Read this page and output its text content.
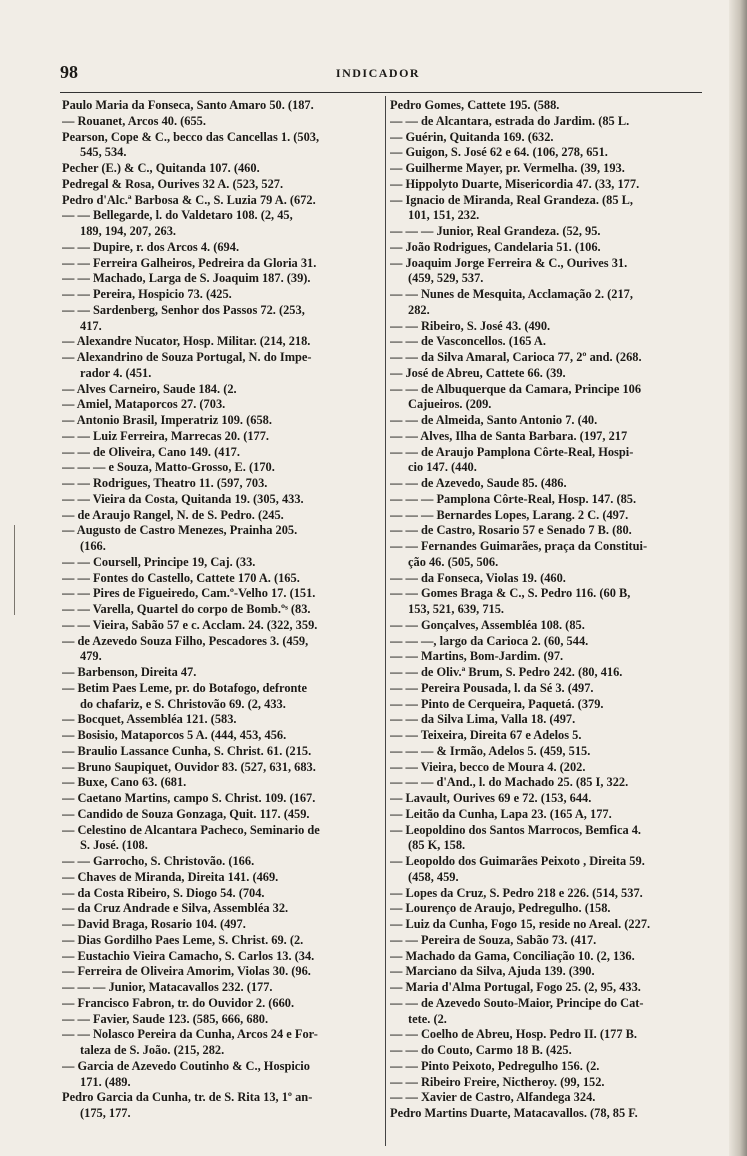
98	INDICADOR
Paulo Maria da Fonseca, Santo Amaro 50. (187.
— Rouanet, Arcos 40. (655.
Pearson, Cope & C., becco das Cancellas 1. (503,
545, 534.
Pecher (E.) & C., Quitanda 107. (460.
Pedregal & Rosa, Ourives 32 A. (523, 527.
Pedro d'Alc.ª Barbosa & C., S. Luzia 79 A. (672.
— — Bellegarde, l. do Valdetaro 108. (2, 45,
189, 194, 207, 263.
— — Dupire, r. dos Arcos 4. (694.
— — Ferreira Galheiros, Pedreira da Gloria 31.
— — Machado, Larga de S. Joaquim 187. (39).
— — Pereira, Hospicio 73. (425.
— — Sardenberg, Senhor dos Passos 72. (253,
417.
— Alexandre Nucator, Hosp. Militar. (214, 218.
— Alexandrino de Souza Portugal, N. do Impe-
rador 4. (451.
— Alves Carneiro, Saude 184. (2.
— Amiel, Mataporcos 27. (703.
— Antonio Brasil, Imperatriz 109. (658.
— — Luiz Ferreira, Marrecas 20. (177.
— — de Oliveira, Cano 149. (417.
— — — e Souza, Matto-Grosso, E. (170.
— — Rodrigues, Theatro 11. (597, 703.
— — Vieira da Costa, Quitanda 19. (305, 433.
— de Araujo Rangel, N. de S. Pedro. (245.
— Augusto de Castro Menezes, Prainha 205.
(166.
— — Coursell, Principe 19, Caj. (33.
— — Fontes do Castello, Cattete 170 A. (165.
— — Pires de Figueiredo, Cam.º-Velho 17. (151.
— — Varella, Quartel do corpo de Bomb.ºˢ (83.
— — Vieira, Sabão 57 e c. Acclam. 24. (322, 359.
— de Azevedo Souza Filho, Pescadores 3. (459,
479.
— Barbenson, Direita 47.
— Betim Paes Leme, pr. do Botafogo, defronte
do chafariz, e S. Christovão 69. (2, 433.
— Bocquet, Assembléa 121. (583.
— Bosisio, Mataporcos 5 A. (444, 453, 456.
— Braulio Lassance Cunha, S. Christ. 61. (215.
— Bruno Saupiquet, Ouvidor 83. (527, 631, 683.
— Buxe, Cano 63. (681.
— Caetano Martins, campo S. Christ. 109. (167.
— Candido de Souza Gonzaga, Quit. 117. (459.
— Celestino de Alcantara Pacheco, Seminario de
S. José. (108.
— — Garrocho, S. Christovão. (166.
— Chaves de Miranda, Direita 141. (469.
— da Costa Ribeiro, S. Diogo 54. (704.
— da Cruz Andrade e Silva, Assembléa 32.
— David Braga, Rosario 104. (497.
— Dias Gordilho Paes Leme, S. Christ. 69. (2.
— Eustachio Vieira Camacho, S. Carlos 13. (34.
— Ferreira de Oliveira Amorim, Violas 30. (96.
— — — Junior, Matacavallos 232. (177.
— Francisco Fabron, tr. do Ouvidor 2. (660.
— — Favier, Saude 123. (585, 666, 680.
— — Nolasco Pereira da Cunha, Arcos 24 e For-
taleza de S. João. (215, 282.
— Garcia de Azevedo Coutinho & C., Hospicio
171. (489.
Pedro Garcia da Cunha, tr. de S. Rita 13, 1º an-
(175, 177.
Pedro Gomes, Cattete 195. (588.
— — de Alcantara, estrada do Jardim. (85 L.
— Guérin, Quitanda 169. (632.
— Guigon, S. José 62 e 64. (106, 278, 651.
— Guilherme Mayer, pr. Vermelha. (39, 193.
— Hippolyto Duarte, Misericordia 47. (33, 177.
— Ignacio de Miranda, Real Grandeza. (85 L,
101, 151, 232.
— — — Junior, Real Grandeza. (52, 95.
— João Rodrigues, Candelaria 51. (106.
— Joaquim Jorge Ferreira & C., Ourives 31.
(459, 529, 537.
— — Nunes de Mesquita, Acclamação 2. (217,
282.
— — Ribeiro, S. José 43. (490.
— — de Vasconcellos. (165 A.
— — da Silva Amaral, Carioca 77, 2º and. (268.
— José de Abreu, Cattete 66. (39.
— — de Albuquerque da Camara, Principe 106
Cajueiros. (209.
— — de Almeida, Santo Antonio 7. (40.
— — Alves, Ilha de Santa Barbara. (197, 217
— — de Araujo Pamplona Côrte-Real, Hospi-
cio 147. (440.
— — de Azevedo, Saude 85. (486.
— — — Pamplona Côrte-Real, Hosp. 147. (85.
— — — Bernardes Lopes, Larang. 2 C. (497.
— — de Castro, Rosario 57 e Senado 7 B. (80.
— — Fernandes Guimarães, praça da Constitui-
ção 46. (505, 506.
— — da Fonseca, Violas 19. (460.
— — Gomes Braga & C., S. Pedro 116. (60 B,
153, 521, 639, 715.
— — Gonçalves, Assembléa 108. (85.
— — —, largo da Carioca 2. (60, 544.
— — Martins, Bom-Jardim. (97.
— — de Oliv.ª Brum, S. Pedro 242. (80, 416.
— — Pereira Pousada, l. da Sé 3. (497.
— — Pinto de Cerqueira, Paquetá. (379.
— — da Silva Lima, Valla 18. (497.
— — Teixeira, Direita 67 e Adelos 5.
— — — & Irmão, Adelos 5. (459, 515.
— — Vieira, becco de Moura 4. (202.
— — — d'And., l. do Machado 25. (85 I, 322.
— Lavault, Ourives 69 e 72. (153, 644.
— Leitão da Cunha, Lapa 23. (165 A, 177.
— Leopoldino dos Santos Marrocos, Bemfica 4.
(85 K, 158.
— Leopoldo dos Guimarães Peixoto , Direita 59.
(458, 459.
— Lopes da Cruz, S. Pedro 218 e 226. (514, 537.
— Lourenço de Araujo, Pedregulho. (158.
— Luiz da Cunha, Fogo 15, reside no Areal. (227.
— — Pereira de Souza, Sabão 73. (417.
— Machado da Gama, Conciliação 10. (2, 136.
— Marciano da Silva, Ajuda 139. (390.
— Maria d'Alma Portugal, Fogo 25. (2, 95, 433.
— — de Azevedo Souto-Maior, Principe do Cat-
tete. (2.
— — Coelho de Abreu, Hosp. Pedro II. (177 B.
— — do Couto, Carmo 18 B. (425.
— — Pinto Peixoto, Pedregulho 156. (2.
— — Ribeiro Freire, Nictheroy. (99, 152.
— — Xavier de Castro, Alfandega 324.
Pedro Martins Duarte, Matacavallos. (78, 85 F.
